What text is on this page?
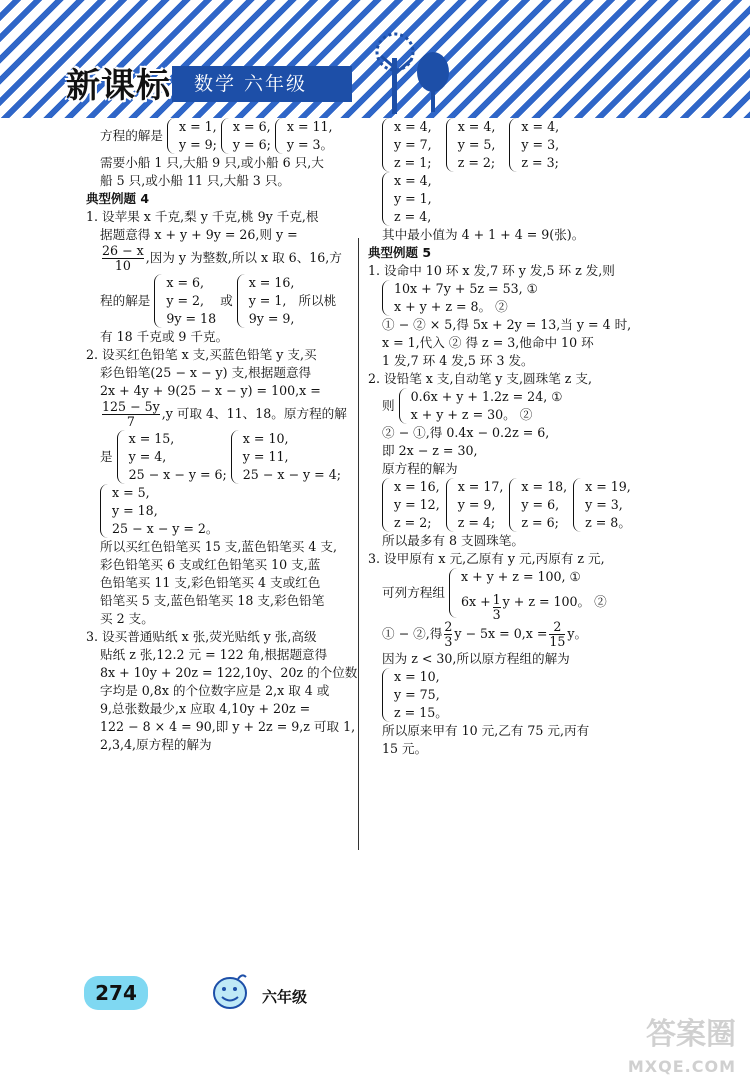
新课标	数学 六年级
方程的解是
x = 1,
y = 9;
x = 6,
y = 6;
x = 11,
y = 3。
需要小船 1 只,大船 9 只,或小船 6 只,大
船 5 只,或小船 11 只,大船 3 只。
典型例题 4
1. 设苹果 x 千克,梨 y 千克,桃 9y 千克,根
据题意得 x + y + 9y = 26,则 y =
$\frac{26 - x}{10}$ ,因为 y 为整数,所以 x 取 6、16,方
程的解是
x = 6,
y = 2,
9y = 18
或
x = 16,
y = 1,
9y = 9,
所以桃
有 18 千克或 9 千克。
2. 设买红色铅笔 x 支,买蓝色铅笔 y 支,买
彩色铅笔(25 − x − y) 支,根据题意得
2x + 4y + 9(25 − x − y) = 100,x =
$\frac{125 - 5y}{7} ,y$ 可取 4、11、18。原方程的解
是
x = 15,
y = 4,
25 − x − y = 6;
x = 10,
y = 11,
25 − x − y = 4;
x = 5,
y = 18,
25 − x − y = 2。
所以买红色铅笔买 15 支,蓝色铅笔买 4 支,
彩色铅笔买 6 支或红色铅笔买 10 支,蓝
色铅笔买 11 支,彩色铅笔买 4 支或红色
铅笔买 5 支,蓝色铅笔买 18 支,彩色铅笔
买 2 支。
3. 设买普通贴纸 x 张,荧光贴纸 y 张,高级
贴纸 z 张,12.2 元 = 122 角,根据题意得
8x + 10y + 20z = 122,10y、20z 的个位数
字均是 0,8x 的个位数字应是 2,x 取 4 或
9,总张数最少,x 应取 4,10y + 20z =
122 − 8 × 4 = 90,即 y + 2z = 9,z 可取 1,
2,3,4,原方程的解为
x = 4,
y = 7,
z = 1;
x = 4,
y = 5,
z = 2;
x = 4,
y = 3,
z = 3;
x = 4,
y = 1,
z = 4,
其中最小值为 4 + 1 + 4 = 9(张)。
典型例题 5
1. 设命中 10 环 x 发,7 环 y 发,5 环 z 发,则
10x + 7y + 5z = 53, ①
x + y + z = 8。 ②
① − ② × 5,得 5x + 2y = 13,当 y = 4 时,
x = 1,代入 ② 得 z = 3,他命中 10 环
1 发,7 环 4 发,5 环 3 发。
2. 设铅笔 x 支,自动笔 y 支,圆珠笔 z 支,
则
0.6x + y + 1.2z = 24, ①
x + y + z = 30。 ②
② − ①,得 0.4x − 0.2z = 6,
即 2x − z = 30,
原方程的解为
x = 16,
y = 12,
z = 2;
x = 17,
y = 9,
z = 4;
x = 18,
y = 6,
z = 6;
x = 19,
y = 3,
z = 8。
所以最多有 8 支圆珠笔。
3. 设甲原有 x 元,乙原有 y 元,丙原有 z 元,
可列方程组
x + y + z = 100, ①
$6x + \frac{1}{3}$ y + z = 100。 ②
① − ②,得 $\frac{2}{3}$ $y - 5x = 0,x = \frac{2}{15}$ y。
因为 z < 30,所以原方程组的解为
x = 10,
y = 75,
z = 15。
所以原来甲有 10 元,乙有 75 元,丙有
15 元。
274	六年级
答案圈
MXQE.COM
